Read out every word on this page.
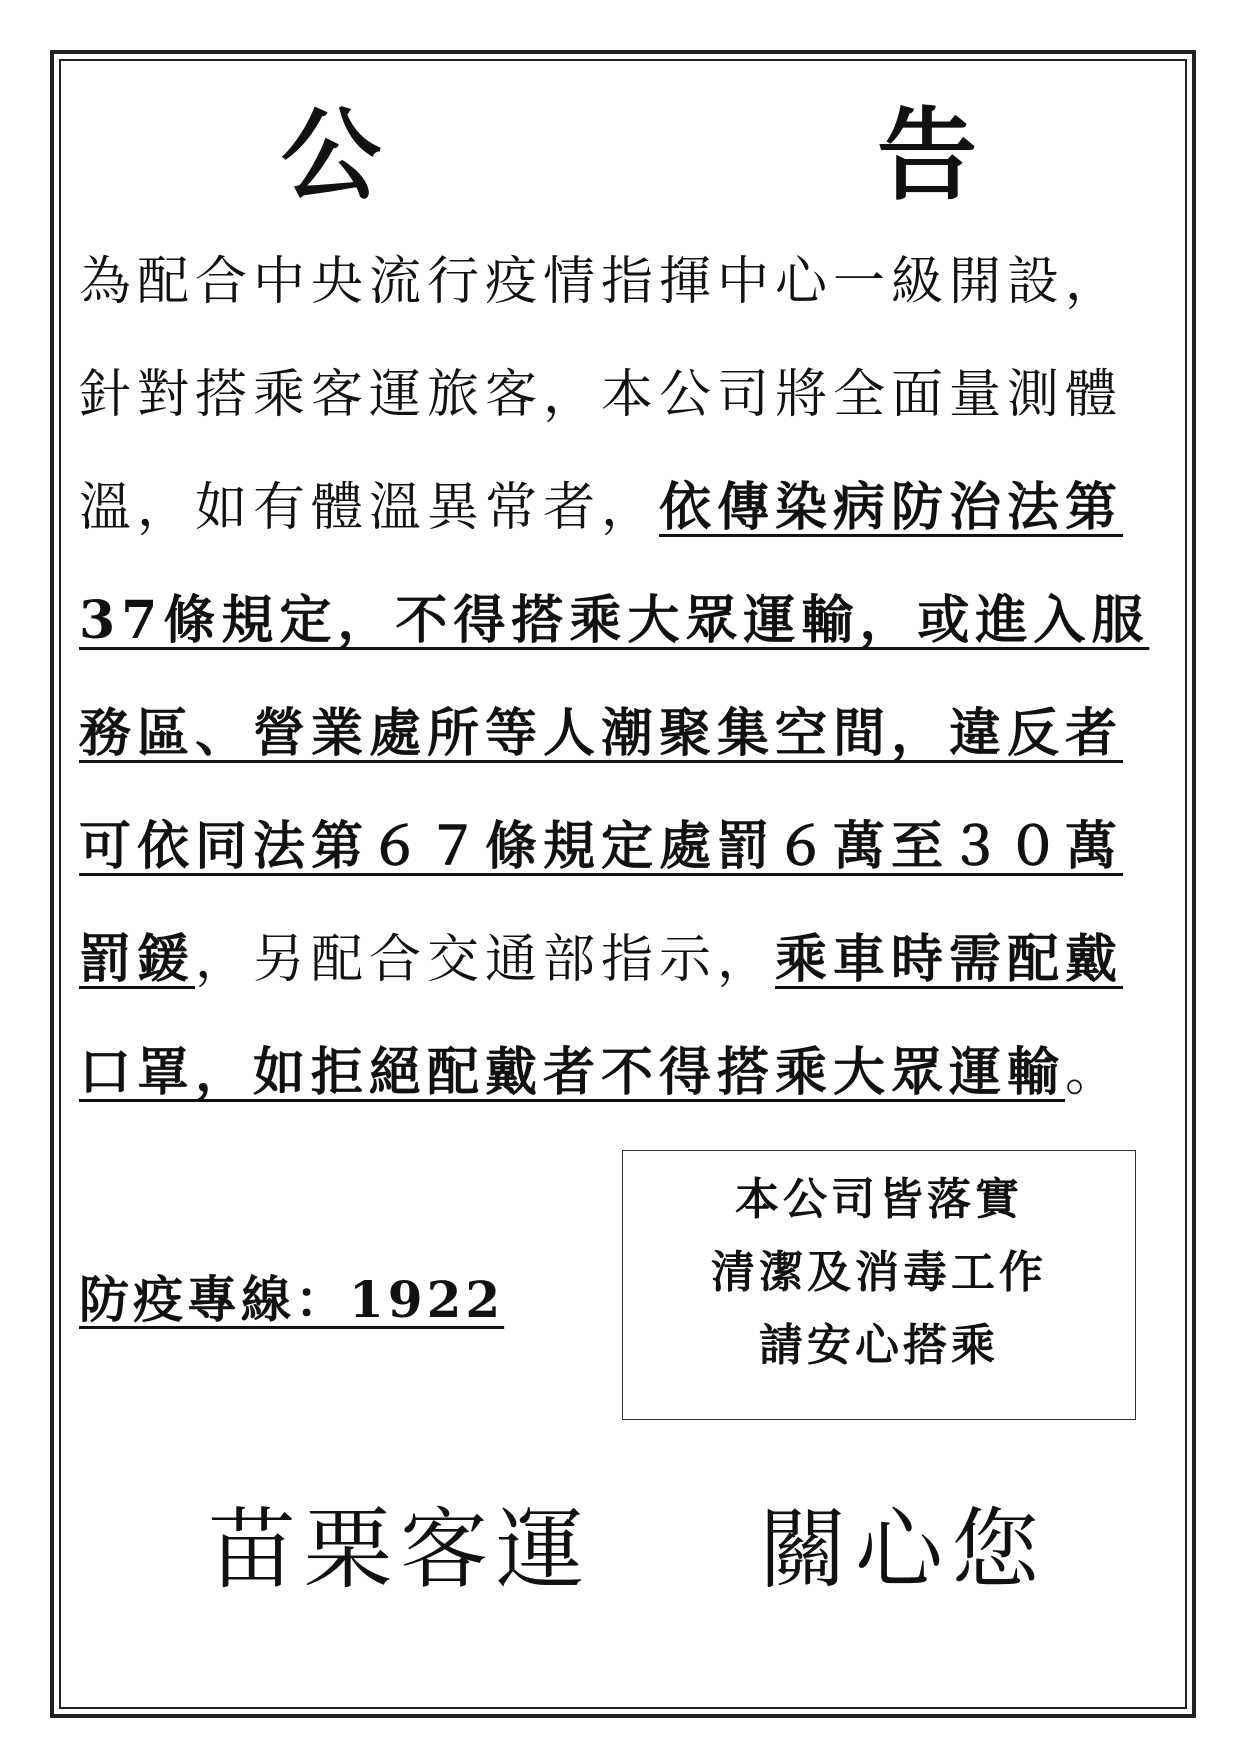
公	告
為配合中央流行疫情指揮中心一級開設，
針對搭乘客運旅客，本公司將全面量測體
溫，如有體溫異常者，依傳染病防治法第
37條規定，不得搭乘大眾運輸，或進入服
務區、營業處所等人潮聚集空間，違反者
可依同法第６７條規定處罰６萬至３０萬
罰鍰，另配合交通部指示，乘車時需配戴
口罩，如拒絕配戴者不得搭乘大眾運輸。
防疫專線：1922
本公司皆落實
清潔及消毒工作
請安心搭乘
苗栗客運 關心您
